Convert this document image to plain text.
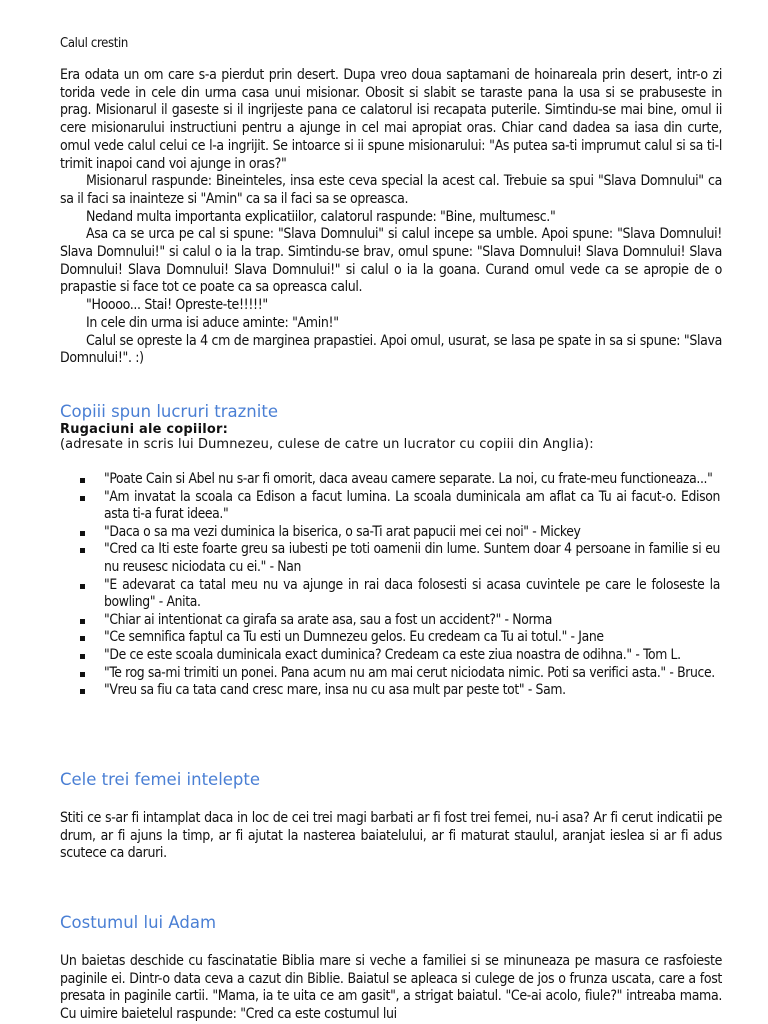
Calul crestin

Era odata un om care s-a pierdut prin desert. Dupa vreo doua saptamani de hoinareala prin desert, intr-o zi torida vede in cele din urma casa unui misionar. Obosit si slabit se taraste pana la usa si se prabuseste in prag. Misionarul il gaseste si il ingrijeste pana ce calatorul isi recapata puterile. Simtindu-se mai bine, omul ii cere misionarului instructiuni pentru a ajunge in cel mai apropiat oras. Chiar cand dadea sa iasa din curte, omul vede calul celui ce l-a ingrijit. Se intoarce si ii spune misionarului: "As putea sa-ti imprumut calul si sa ti-l trimit inapoi cand voi ajunge in oras?"

Misionarul raspunde: Bineinteles, insa este ceva special la acest cal. Trebuie sa spui "Slava Domnului" ca sa il faci sa inainteze si "Amin" ca sa il faci sa se opreasca.

Nedand multa importanta explicatiilor, calatorul raspunde: "Bine, multumesc."

Asa ca se urca pe cal si spune: "Slava Domnului" si calul incepe sa umble. Apoi spune: "Slava Domnului! Slava Domnului!" si calul o ia la trap. Simtindu-se brav, omul spune: "Slava Domnului! Slava Domnului! Slava Domnului! Slava Domnului! Slava Domnului!" si calul o ia la goana. Curand omul vede ca se apropie de o prapastie si face tot ce poate ca sa opreasca calul.

"Hoooo... Stai! Opreste-te!!!!!"

In cele din urma isi aduce aminte: "Amin!"

Calul se opreste la 4 cm de marginea prapastiei. Apoi omul, usurat, se lasa pe spate in sa si spune: "Slava Domnului!". :)

Copiii spun lucruri traznite
Rugaciuni ale copiilor:
(adresate in scris lui Dumnezeu, culese de catre un lucrator cu copiii din Anglia):
"Poate Cain si Abel nu s-ar fi omorit, daca aveau camere separate. La noi, cu frate-meu functioneaza..."
"Am invatat la scoala ca Edison a facut lumina. La scoala duminicala am aflat ca Tu ai facut-o. Edison asta ti-a furat ideea."
"Daca o sa ma vezi duminica la biserica, o sa-Ti arat papucii mei cei noi" - Mickey
"Cred ca Iti este foarte greu sa iubesti pe toti oamenii din lume. Suntem doar 4 persoane in familie si eu nu reusesc niciodata cu ei." - Nan
"E adevarat ca tatal meu nu va ajunge in rai daca folosesti si acasa cuvintele pe care le foloseste la bowling" - Anita.
"Chiar ai intentionat ca girafa sa arate asa, sau a fost un accident?" - Norma
"Ce semnifica faptul ca Tu esti un Dumnezeu gelos. Eu credeam ca Tu ai totul." - Jane
"De ce este scoala duminicala exact duminica? Credeam ca este ziua noastra de odihna." - Tom L.
"Te rog sa-mi trimiti un ponei. Pana acum nu am mai cerut niciodata nimic. Poti sa verifici asta." - Bruce.
"Vreu sa fiu ca tata cand cresc mare, insa nu cu asa mult par peste tot" - Sam.
Cele trei femei intelepte

Stiti ce s-ar fi intamplat daca in loc de cei trei magi barbati ar fi fost trei femei, nu-i asa? Ar fi cerut indicatii pe drum, ar fi ajuns la timp, ar fi ajutat la nasterea baiatelului, ar fi maturat staulul, aranjat ieslea si ar fi adus scutece ca daruri.

Costumul lui Adam

Un baietas deschide cu fascinatatie Biblia mare si veche a familiei si se minuneaza pe masura ce rasfoieste paginile ei. Dintr-o data ceva a cazut din Biblie. Baiatul se apleaca si culege de jos o frunza uscata, care a fost presata in paginile cartii. "Mama, ia te uita ce am gasit", a strigat baiatul. "Ce-ai acolo, fiule?" intreaba mama. Cu uimire baietelul raspunde: "Cred ca este costumul lui
